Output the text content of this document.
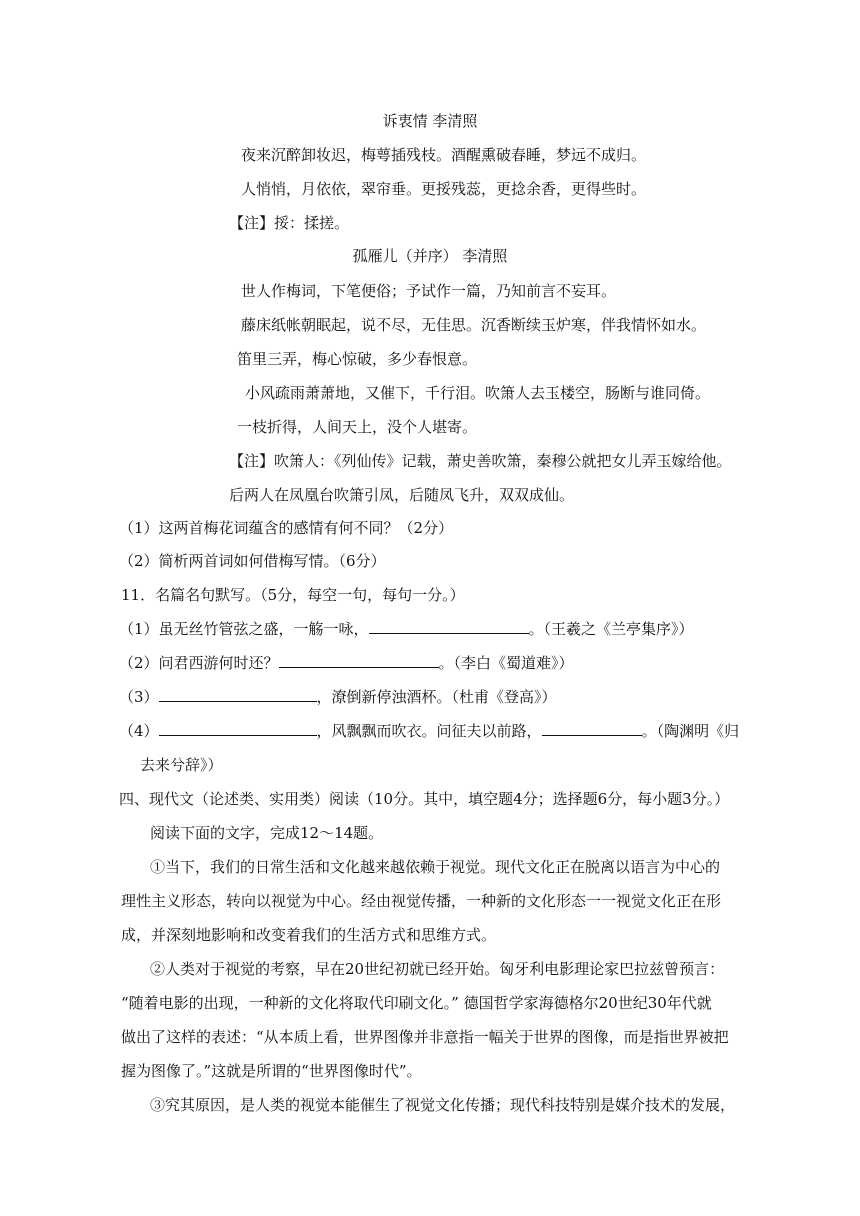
诉衷情 李清照
夜来沉醉卸妆迟，梅萼插残枝。酒醒熏破春睡，梦远不成归。
人悄悄，月依依，翠帘垂。更挼残蕊，更捻余香，更得些时。
【注】挼：揉搓。
孤雁儿（并序） 李清照
世人作梅词，下笔便俗；予试作一篇，乃知前言不妄耳。
藤床纸帐朝眠起，说不尽，无佳思。沉香断续玉炉寒，伴我情怀如水。
笛里三弄，梅心惊破，多少春恨意。
小风疏雨萧萧地，又催下，千行泪。吹箫人去玉楼空，肠断与谁同倚。
一枝折得，人间天上，没个人堪寄。
【注】吹箫人：《列仙传》记载，萧史善吹箫，秦穆公就把女儿弄玉嫁给他。
后两人在凤凰台吹箫引凤，后随凤飞升，双双成仙。
（1）这两首梅花词蕴含的感情有何不同？（2分）
（2）简析两首词如何借梅写情。（6分）
11．名篇名句默写。（5分，每空一句，每句一分。）
（1）虽无丝竹管弦之盛，一觞一咏，	。（王羲之《兰亭集序》）
（2）问君西游何时还？	。（李白《蜀道难》）
（3）	，潦倒新停浊酒杯。（杜甫《登高》）
（4）	，风飘飘而吹衣。问征夫以前路，	。（陶渊明《归
去来兮辞》）
四、现代文（论述类、实用类）阅读（10分。其中，填空题4分；选择题6分，每小题3分。）
阅读下面的文字，完成12～14题。
①当下，我们的日常生活和文化越来越依赖于视觉。现代文化正在脱离以语言为中心的
理性主义形态，转向以视觉为中心。经由视觉传播，一种新的文化形态一一视觉文化正在形
成，并深刻地影响和改变着我们的生活方式和思维方式。
②人类对于视觉的考察，早在20世纪初就已经开始。匈牙利电影理论家巴拉兹曾预言：
“随着电影的出现，一种新的文化将取代印刷文化。” 德国哲学家海德格尔20世纪30年代就
做出了这样的表述：“从本质上看，世界图像并非意指一幅关于世界的图像，而是指世界被把
握为图像了。”这就是所谓的“世界图像时代”。
③究其原因，是人类的视觉本能催生了视觉文化传播；现代科技特别是媒介技术的发展，
